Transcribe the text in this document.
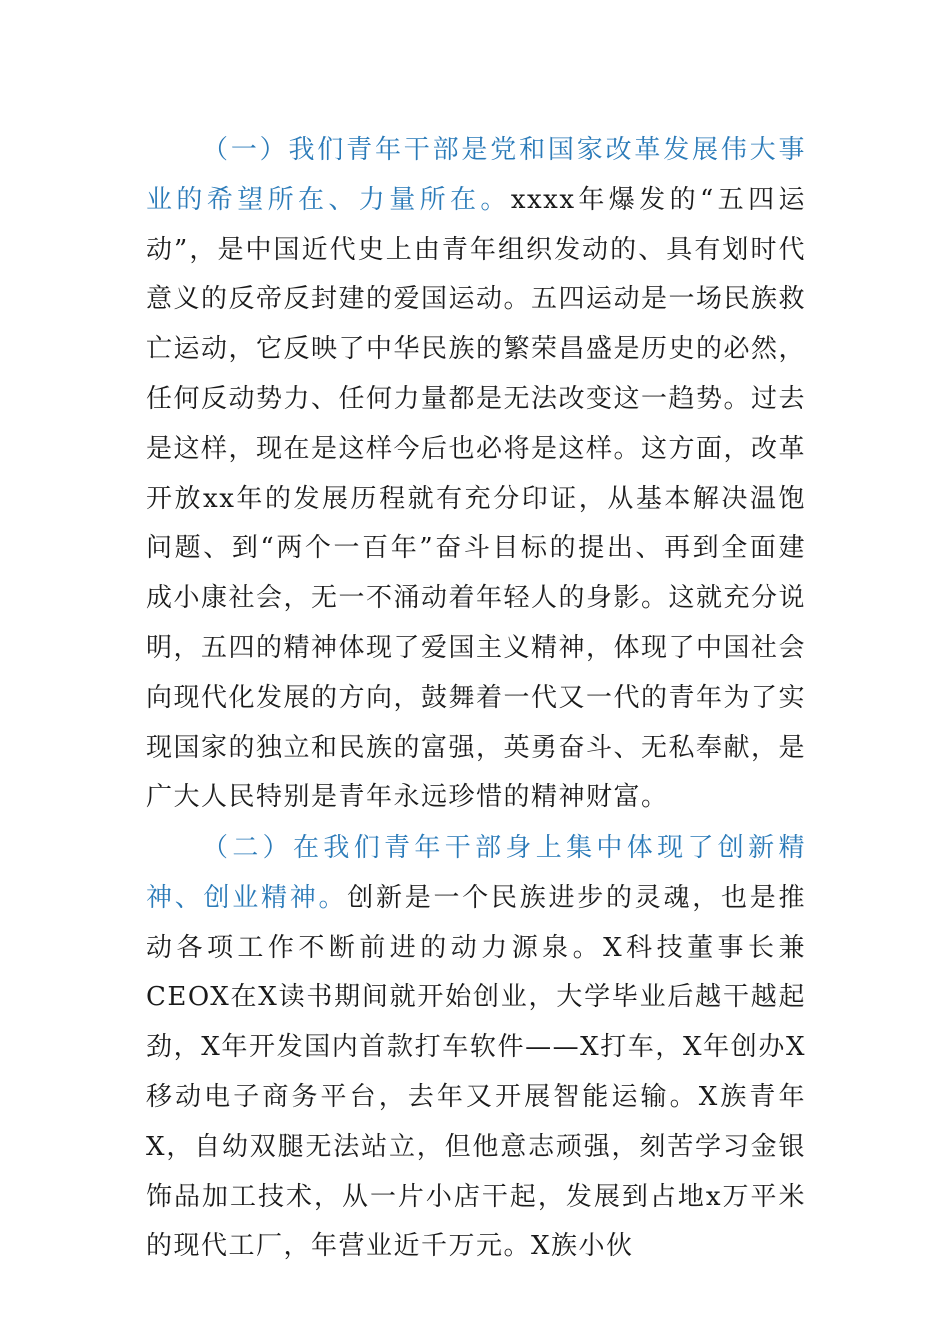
（一）我们青年干部是党和国家改革发展伟大事业的希望所在、力量所在。xxxx年爆发的“五四运动”，是中国近代史上由青年组织发动的、具有划时代意义的反帝反封建的爱国运动。五四运动是一场民族救亡运动，它反映了中华民族的繁荣昌盛是历史的必然，任何反动势力、任何力量都是无法改变这一趋势。过去是这样，现在是这样今后也必将是这样。这方面，改革开放xx年的发展历程就有充分印证，从基本解决温饱问题、到“两个一百年”奋斗目标的提出、再到全面建成小康社会，无一不涌动着年轻人的身影。这就充分说明，五四的精神体现了爱国主义精神，体现了中国社会向现代化发展的方向，鼓舞着一代又一代的青年为了实现国家的独立和民族的富强，英勇奋斗、无私奉献，是广大人民特别是青年永远珍惜的精神财富。

（二）在我们青年干部身上集中体现了创新精神、创业精神。创新是一个民族进步的灵魂，也是推动各项工作不断前进的动力源泉。X科技董事长兼CEOX在X读书期间就开始创业，大学毕业后越干越起劲，X年开发国内首款打车软件——X打车，X年创办X移动电子商务平台，去年又开展智能运输。X族青年X，自幼双腿无法站立，但他意志顽强，刻苦学习金银饰品加工技术，从一片小店干起，发展到占地x万平米的现代工厂，年营业近千万元。X族小伙
